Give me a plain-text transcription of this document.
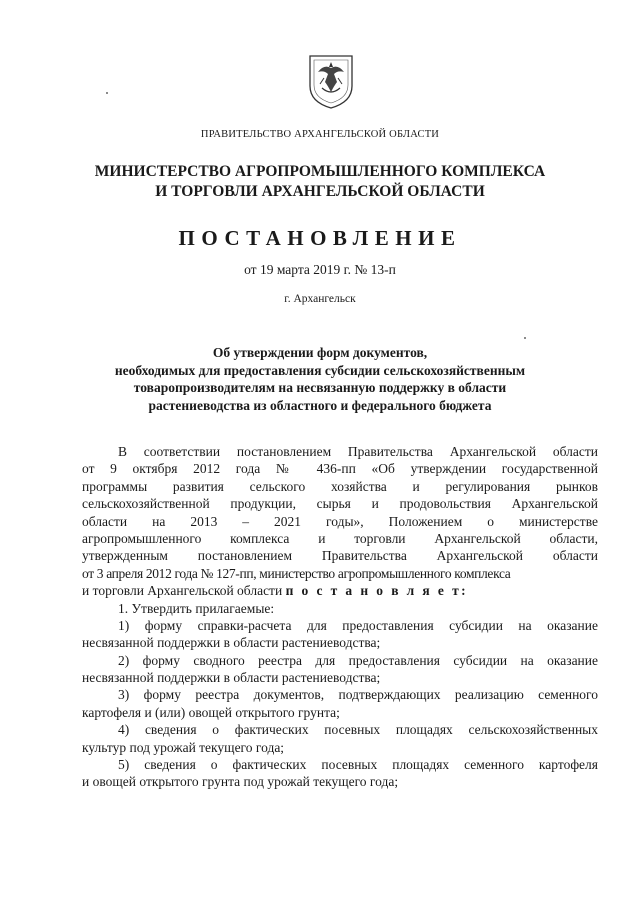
ПРАВИТЕЛЬСТВО АРХАНГЕЛЬСКОЙ ОБЛАСТИ
МИНИСТЕРСТВО АГРОПРОМЫШЛЕННОГО КОМПЛЕКСА
И ТОРГОВЛИ АРХАНГЕЛЬСКОЙ ОБЛАСТИ
ПОСТАНОВЛЕНИЕ
от 19 марта 2019 г. № 13-п
г. Архангельск
Об утверждении форм документов,
необходимых для предоставления субсидии сельскохозяйственным
товаропроизводителям на несвязанную поддержку в области
растениеводства из областного и федерального бюджета
В соответствии постановлением Правительства Архангельской области
от 9 октября 2012 года № 436-пп «Об утверждении государственной
программы развития сельского хозяйства и регулирования рынков
сельскохозяйственной продукции, сырья и продовольствия Архангельской
области на 2013 – 2021 годы», Положением о министерстве
агропромышленного комплекса и торговли Архангельской области,
утвержденным постановлением Правительства Архангельской области
от 3 апреля 2012 года № 127-пп, министерство агропромышленного комплекса
и торговли Архангельской области п о с т а н о в л я е т:
1. Утвердить прилагаемые:
1) форму справки-расчета для предоставления субсидии на оказание
несвязанной поддержки в области растениеводства;
2) форму сводного реестра для предоставления субсидии на оказание
несвязанной поддержки в области растениеводства;
3) форму реестра документов, подтверждающих реализацию семенного
картофеля и (или) овощей открытого грунта;
4) сведения о фактических посевных площадях сельскохозяйственных
культур под урожай текущего года;
5) сведения о фактических посевных площадях семенного картофеля
и овощей открытого грунта под урожай текущего года;
